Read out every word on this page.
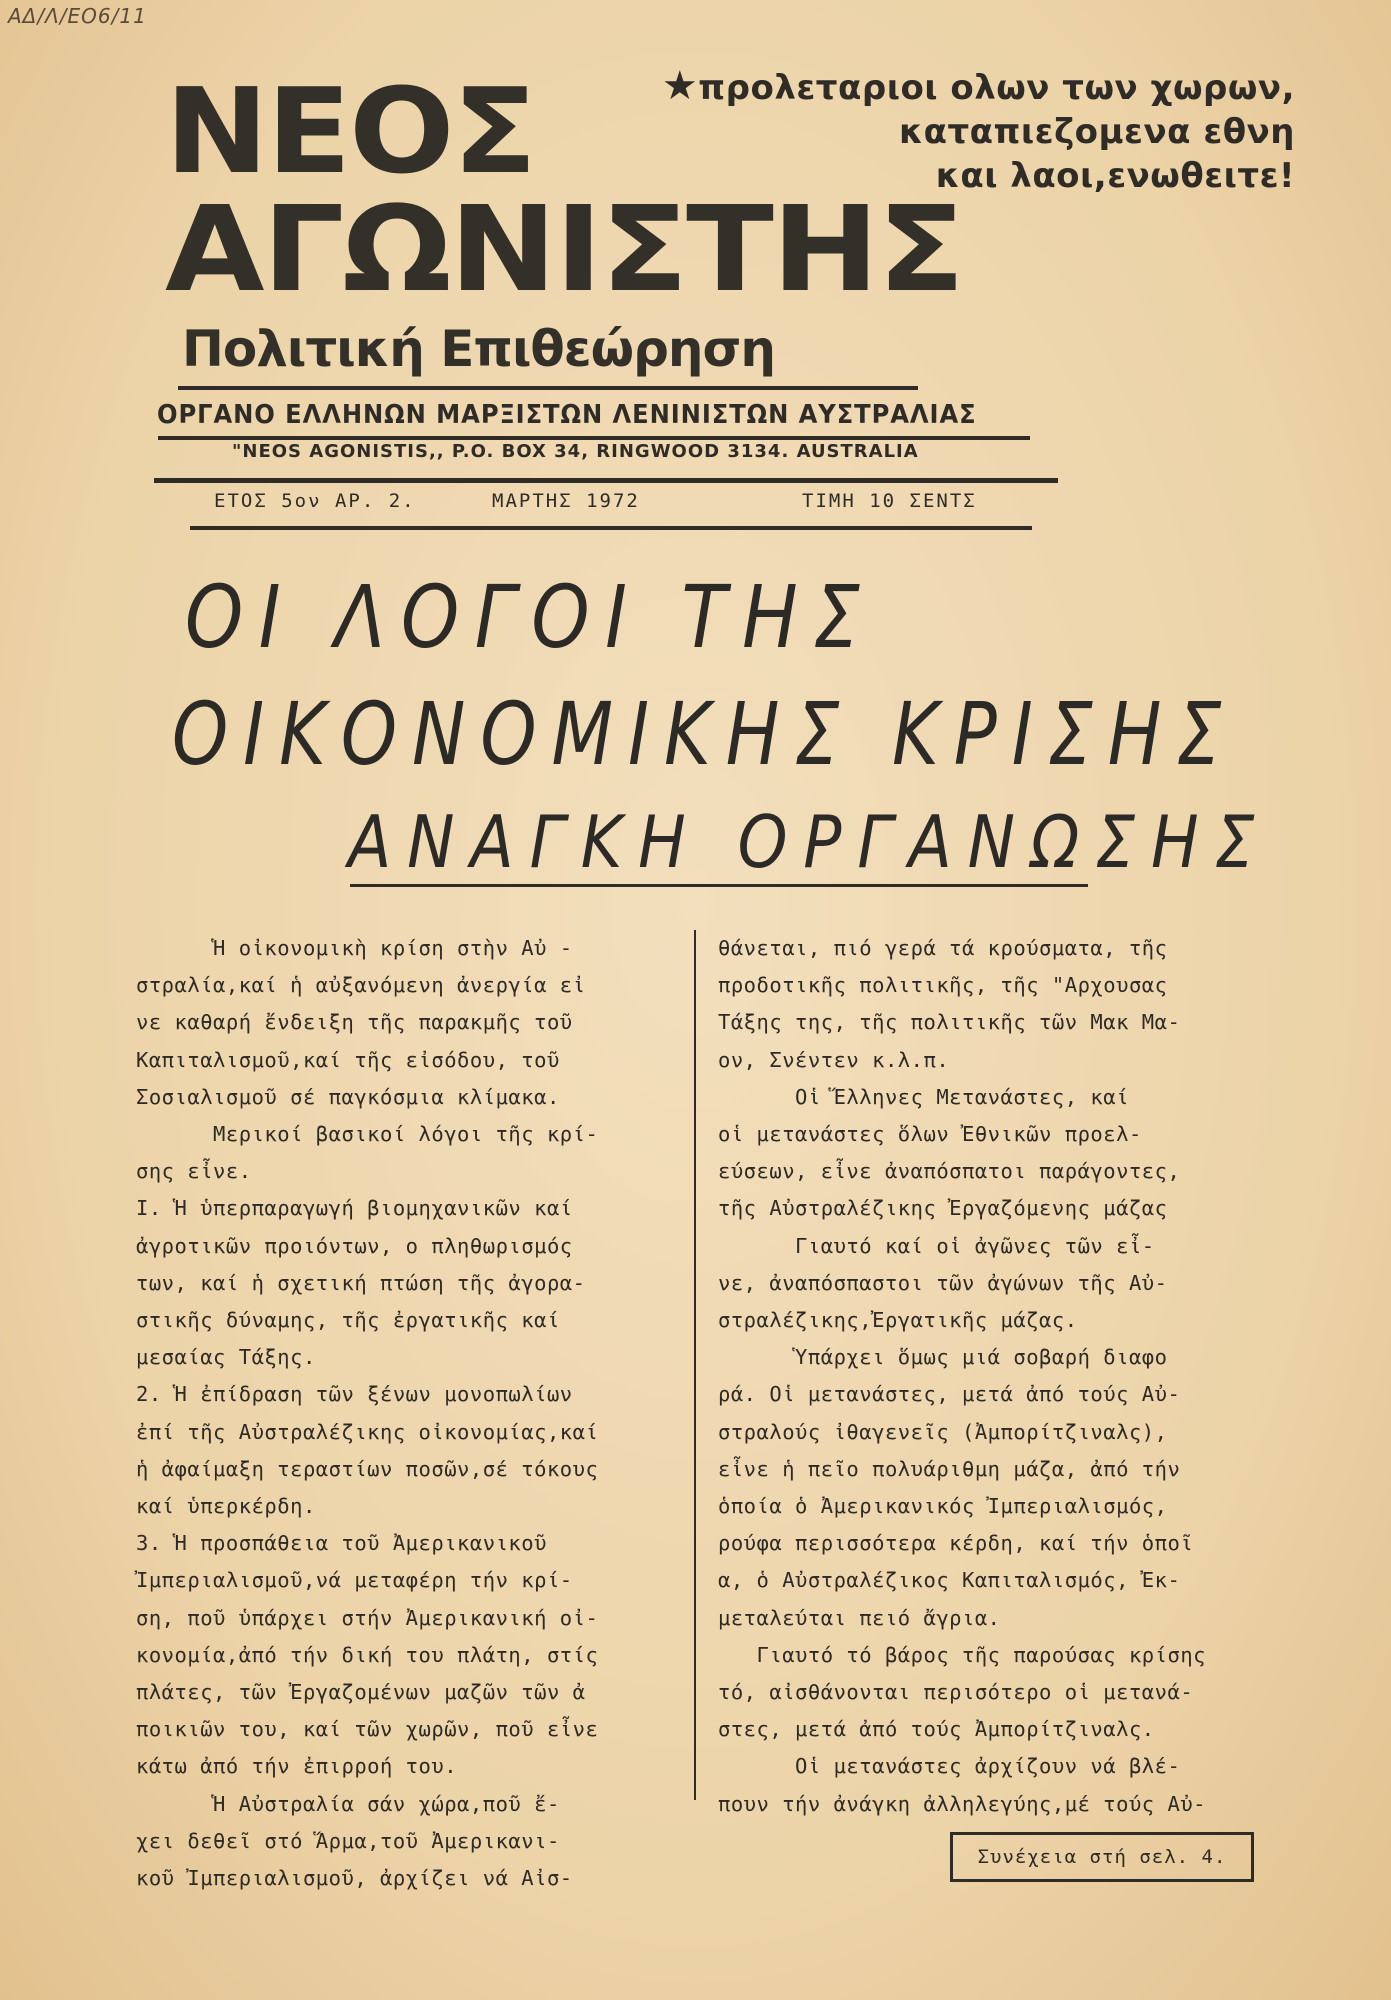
ΑΔ/Λ/ΕΟ6/11
ΝΕΟΣ
ΑΓΩΝΙΣΤΗΣ
★προλεταριοι ολων των χωρων,
καταπιεζομενα εθνη
και λαοι,ενωθειτε!
Πολιτική Επιθεώρηση
ΟΡΓΑΝΟ ΕΛΛΗΝΩΝ ΜΑΡΞΙΣΤΩΝ ΛΕΝΙΝΙΣΤΩΝ ΑΥΣΤΡΑΛΙΑΣ
"NEOS AGONISTIS,, P.O. BOX 34, RINGWOOD 3134. AUSTRALIA
ΕΤΟΣ 5ον ΑΡ. 2.	ΜΑΡΤΗΣ 1972	ΤΙΜΗ 10 ΣΕΝΤΣ
ΟΙ ΛΟΓΟΙ ΤΗΣ
ΟΙΚΟΝΟΜΙΚΗΣ ΚΡΙΣΗΣ
ΑΝΑΓΚΗ ΟΡΓΑΝΩΣΗΣ
Ἡ οἰκονομικὴ κρίση στὴν Αὐ -
στραλία,καί ἡ αὐξανόμενη ἀνεργία εἰ
νε καθαρή ἔνδειξη τῆς παρακμῆς τοῦ
Καπιταλισμοῦ,καί τῆς εἰσόδου, τοῦ
Σοσιαλισμοῦ σέ παγκόσμια κλίμακα.
Μερικοί βασικοί λόγοι τῆς κρί-
σης εἶνε.
Ι. Ἡ ὑπερπαραγωγή βιομηχανικῶν καί
ἀγροτικῶν προιόντων, ο πληθωρισμός
των, καί ἡ σχετική πτώση τῆς ἀγορα-
στικῆς δύναμης, τῆς ἐργατικῆς καί
μεσαίας Τάξης.
2. Ἡ ἐπίδραση τῶν ξένων μονοπωλίων
ἐπί τῆς Αὐστραλέζικης οἰκονομίας,καί
ἡ ἀφαίμαξη τεραστίων ποσῶν,σέ τόκους
καί ὑπερκέρδη.
3. Ἡ προσπάθεια τοῦ Ἀμερικανικοῦ
Ἰμπεριαλισμοῦ,νά μεταφέρη τήν κρί-
ση, ποῦ ὑπάρχει στήν Ἀμερικανική οἰ-
κονομία,ἀπό τήν δική του πλάτη, στίς
πλάτες, τῶν Ἐργαζομένων μαζῶν τῶν ἀ
ποικιῶν του, καί τῶν χωρῶν, ποῦ εἶνε
κάτω ἀπό τήν ἐπιρροή του.
Ἡ Αὐστραλία σάν χώρα,ποῦ ἔ-
χει δεθεῖ στό Ἅρμα,τοῦ Ἀμερικανι-
κοῦ Ἰμπεριαλισμοῦ, ἀρχίζει νά Αἰσ-
θάνεται, πιό γερά τά κρούσματα, τῆς
προδοτικῆς πολιτικῆς, τῆς "Αρχουσας
Τάξης της, τῆς πολιτικῆς τῶν Μακ Μα-
ον, Σνέντεν κ.λ.π.
Οἱ Ἕλληνες Μετανάστες, καί
οἱ μετανάστες ὅλων Ἐθνικῶν προελ-
εύσεων, εἶνε ἀναπόσπατοι παράγοντες,
τῆς Αὐστραλέζικης Ἐργαζόμενης μάζας
Γιαυτό καί οἱ ἀγῶνες τῶν εἶ-
νε, ἀναπόσπαστοι τῶν ἀγώνων τῆς Αὐ-
στραλέζικης,Ἐργατικῆς μάζας.
Ὑπάρχει ὅμως μιά σοβαρή διαφο
ρά. Οἱ μετανάστες, μετά ἀπό τούς Αὐ-
στραλούς ἰθαγενεῖς (Ἀμπορίτζιναλς),
εἶνε ἡ πεῖο πολυάριθμη μάζα, ἀπό τήν
ὁποία ὁ Ἀμερικανικός Ἰμπεριαλισμός,
ρούφα περισσότερα κέρδη, καί τήν ὁποῖ
α, ὁ Αὐστραλέζικος Καπιταλισμός, Ἐκ-
μεταλεύται πειό ἄγρια.
Γιαυτό τό βάρος τῆς παρούσας κρίσης
τό, αἰσθάνονται περισότερο οἱ μετανά-
στες, μετά ἀπό τούς Ἀμπορίτζιναλς.
Οἱ μετανάστες ἀρχίζουν νά βλέ-
πουν τήν ἀνάγκη ἀλληλεγύης,μέ τούς Αὐ-
Συνέχεια στή σελ. 4.
